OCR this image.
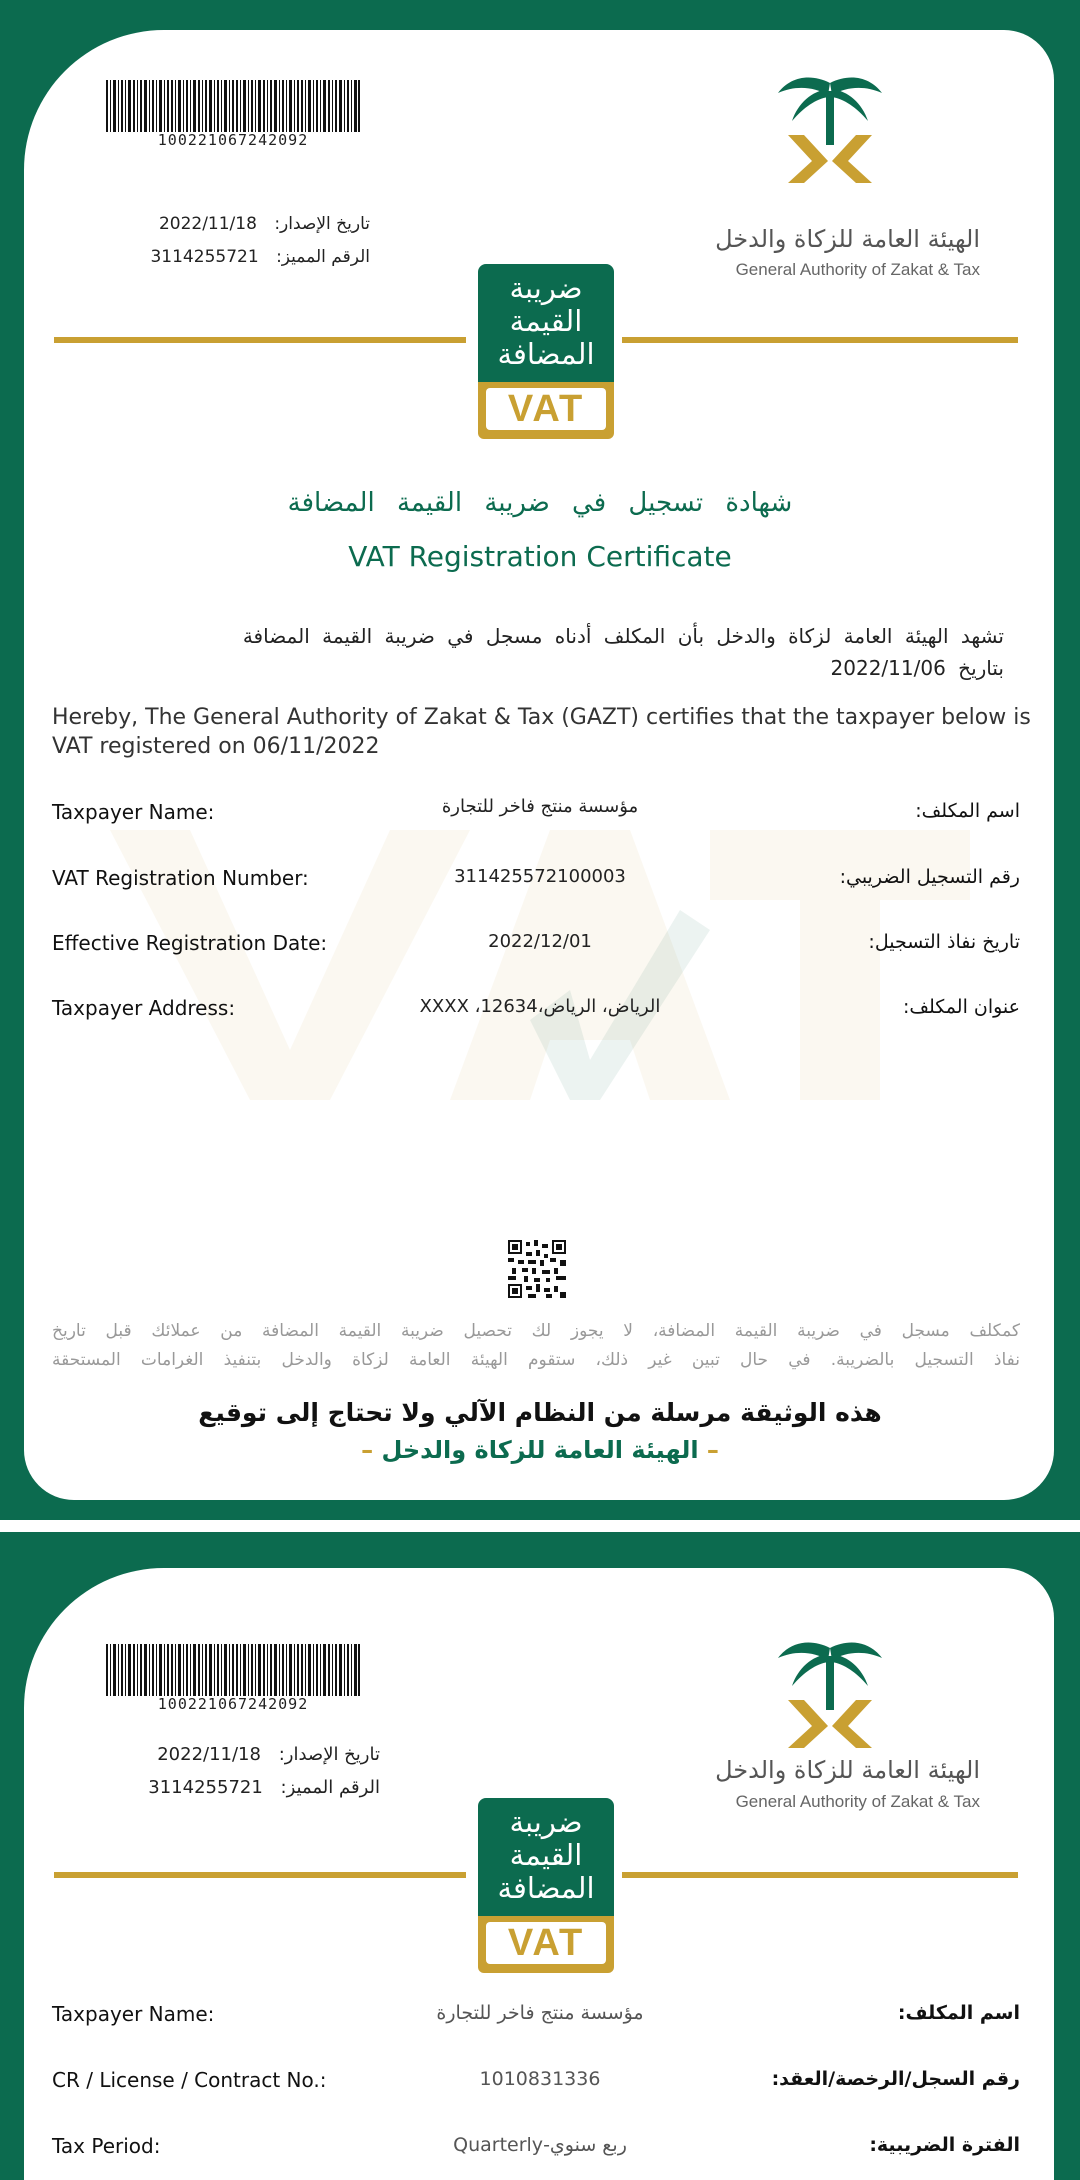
100221067242092
تاريخ الإصدار: 2022/11/18
الرقم المميز: 3114255721
الهيئة العامة للزكاة والدخل
General Authority of Zakat & Tax
ضريبة
القيمة
المضافة
VAT
شهادة تسجيل في ضريبة القيمة المضافة
VAT Registration Certificate
تشهد الهيئة العامة لزكاة والدخل بأن المكلف أدناه مسجل في ضريبة القيمة المضافة
بتاريخ 2022/11/06
Hereby, The General Authority of Zakat & Tax (GAZT) certifies that the taxpayer below is VAT registered on 06/11/2022
Taxpayer Name:	مؤسسة منتج فاخر للتجارة	اسم المكلف:
VAT Registration Number:	311425572100003	رقم التسجيل الضريبي:
Effective Registration Date:	2022/12/01	تاريخ نفاذ التسجيل:
Taxpayer Address:	الرياض، الرياض،12634، XXXX	عنوان المكلف:
كمكلف مسجل في ضريبة القيمة المضافة، لا يجوز لك تحصيل ضريبة القيمة المضافة من عملائك قبل تاريخ
نفاذ التسجيل بالضريبة. في حال تبين غير ذلك، ستقوم الهيئة العامة لزكاة والدخل بتنفيذ الغرامات المستحقة
هذه الوثيقة مرسلة من النظام الآلي ولا تحتاج إلى توقيع
– الهيئة العامة للزكاة والدخل –
100221067242092
تاريخ الإصدار: 2022/11/18
الرقم المميز: 3114255721
الهيئة العامة للزكاة والدخل
General Authority of Zakat & Tax
ضريبة
القيمة
المضافة
VAT
Taxpayer Name:	مؤسسة منتج فاخر للتجارة	اسم المكلف:
CR / License / Contract No.:	1010831336	رقم السجل/الرخصة/العقد:
Tax Period:	ربع سنوي-Quarterly	الفترة الضريبية:
